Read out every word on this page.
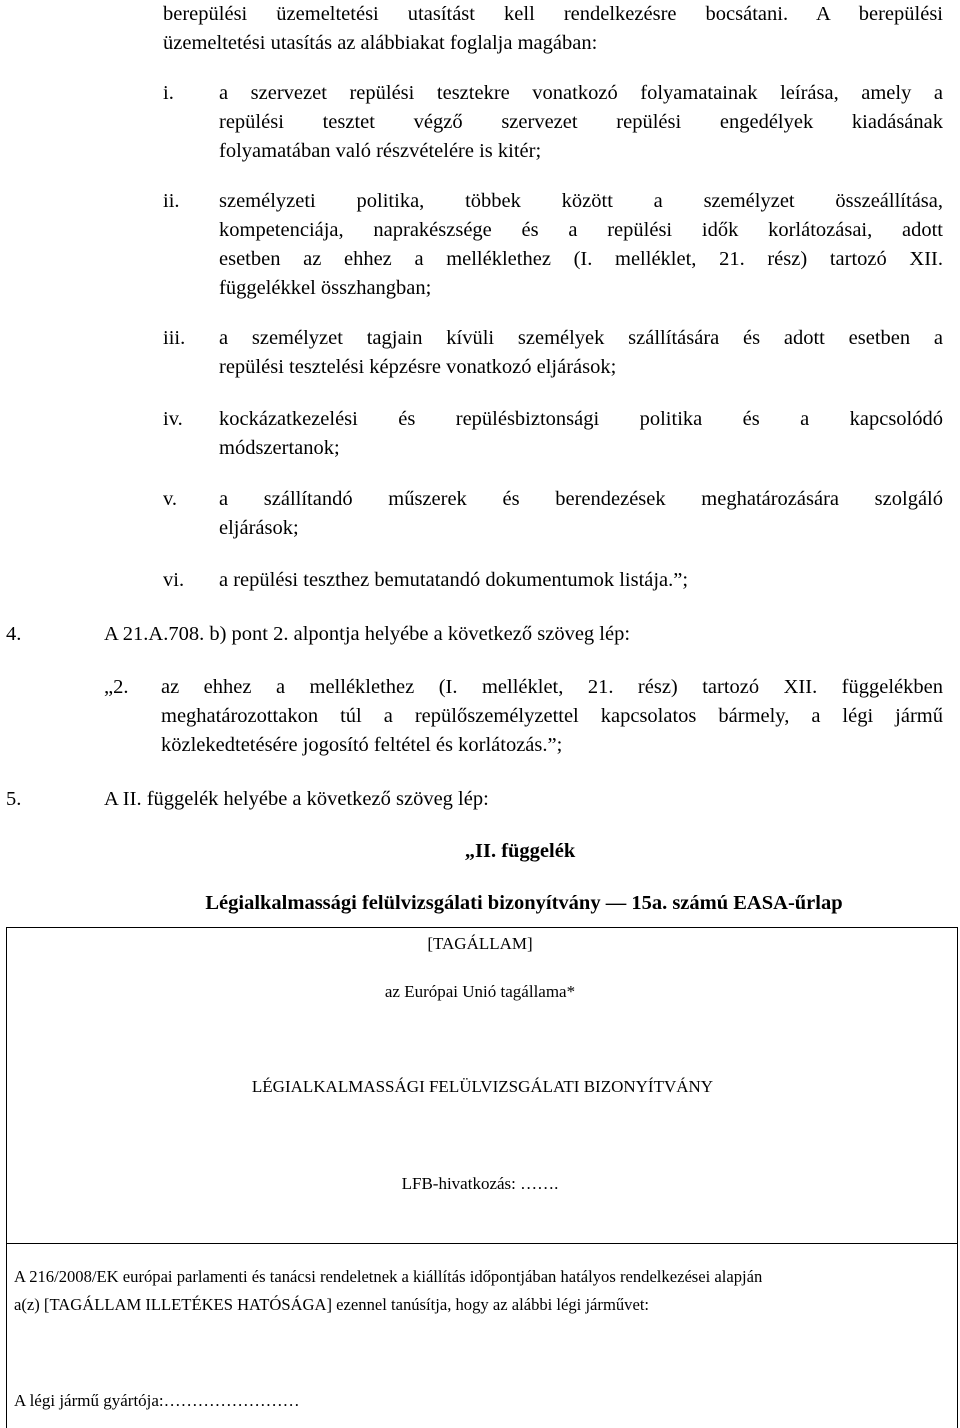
berepülési üzemeltetési utasítást kell rendelkezésre bocsátani. A berepülési
üzemeltetési utasítás az alábbiakat foglalja magában:
i. a szervezet repülési tesztekre vonatkozó folyamatainak leírása, amely a
repülési tesztet végző szervezet repülési engedélyek kiadásának
folyamatában való részvételére is kitér;
ii. személyzeti politika, többek között a személyzet összeállítása,
kompetenciája, naprakészsége és a repülési idők korlátozásai, adott
esetben az ehhez a melléklethez (I. melléklet, 21. rész) tartozó XII.
függelékkel összhangban;
iii. a személyzet tagjain kívüli személyek szállítására és adott esetben a
repülési tesztelési képzésre vonatkozó eljárások;
iv. kockázatkezelési és repülésbiztonsági politika és a kapcsolódó
módszertanok;
v. a szállítandó műszerek és berendezések meghatározására szolgáló
eljárások;
vi. a repülési teszthez bemutatandó dokumentumok listája.”;
4.	A 21.A.708. b) pont 2. alpontja helyébe a következő szöveg lép:
„2. az ehhez a melléklethez (I. melléklet, 21. rész) tartozó XII. függelékben
meghatározottakon túl a repülőszemélyzettel kapcsolatos bármely, a légi jármű
közlekedtetésére jogosító feltétel és korlátozás.”;
5.	A II. függelék helyébe a következő szöveg lép:
„II. függelék
Légialkalmassági felülvizsgálati bizonyítvány — 15a. számú EASA-űrlap
[TAGÁLLAM]
az Európai Unió tagállama*
LÉGIALKALMASSÁGI FELÜLVIZSGÁLATI BIZONYÍTVÁNY
LFB-hivatkozás: …….
A 216/2008/EK európai parlamenti és tanácsi rendeletnek a kiállítás időpontjában hatályos rendelkezései alapján
a(z) [TAGÁLLAM ILLETÉKES HATÓSÁGA] ezennel tanúsítja, hogy az alábbi légi járművet:
A légi jármű gyártója:……………………
